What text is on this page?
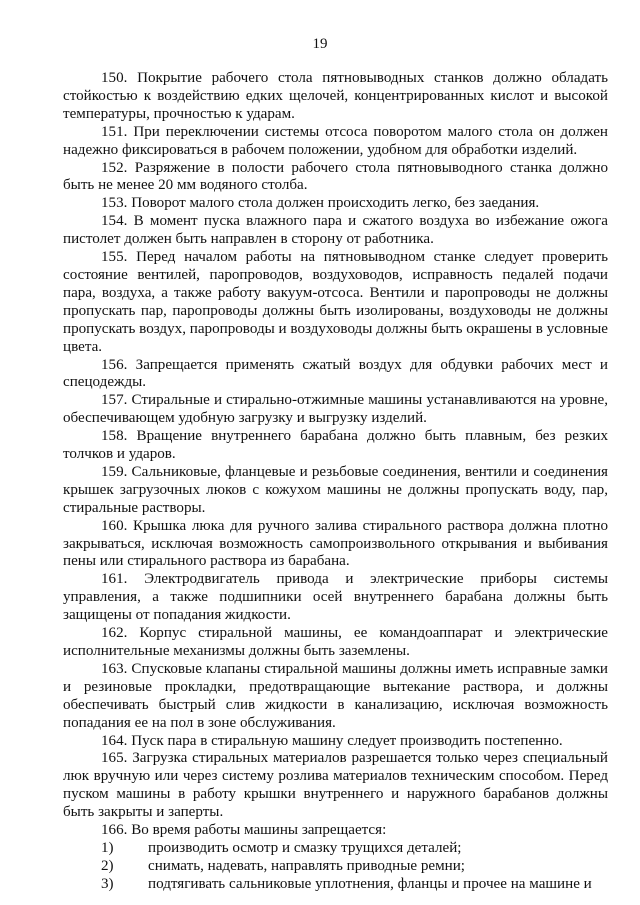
19

150. Покрытие рабочего стола пятновыводных станков должно обладать стойкостью к воздействию едких щелочей, концентрированных кислот и высокой температуры, прочностью к ударам.

151. При переключении системы отсоса поворотом малого стола он должен надежно фиксироваться в рабочем положении, удобном для обработки изделий.

152. Разряжение в полости рабочего стола пятновыводного станка должно быть не менее 20 мм водяного столба.

153. Поворот малого стола должен происходить легко, без заедания.

154. В момент пуска влажного пара и сжатого воздуха во избежание ожога пистолет должен быть направлен в сторону от работника.

155. Перед началом работы на пятновыводном станке следует проверить состояние вентилей, паропроводов, воздуховодов, исправность педалей подачи пара, воздуха, а также работу вакуум-отсоса. Вентили и паропроводы не должны пропускать пар, паропроводы должны быть изолированы, воздуховоды не должны пропускать воздух, паропроводы и воздуховоды должны быть окрашены в условные цвета.

156. Запрещается применять сжатый воздух для обдувки рабочих мест и спецодежды.

157. Стиральные и стирально-отжимные машины устанавливаются на уровне, обеспечивающем удобную загрузку и выгрузку изделий.

158. Вращение внутреннего барабана должно быть плавным, без резких толчков и ударов.

159. Сальниковые, фланцевые и резьбовые соединения, вентили и соединения крышек загрузочных люков с кожухом машины не должны пропускать воду, пар, стиральные растворы.

160. Крышка люка для ручного залива стирального раствора должна плотно закрываться, исключая возможность самопроизвольного открывания и выбивания пены или стирального раствора из барабана.

161. Электродвигатель привода и электрические приборы системы управления, а также подшипники осей внутреннего барабана должны быть защищены от попадания жидкости.

162. Корпус стиральной машины, ее командоаппарат и электрические исполнительные механизмы должны быть заземлены.

163. Спусковые клапаны стиральной машины должны иметь исправные замки и резиновые прокладки, предотвращающие вытекание раствора, и должны обеспечивать быстрый слив жидкости в канализацию, исключая возможность попадания ее на пол в зоне обслуживания.

164. Пуск пара в стиральную машину следует производить постепенно.

165. Загрузка стиральных материалов разрешается только через специальный люк вручную или через систему розлива материалов техническим способом. Перед пуском машины в работу крышки внутреннего и наружного барабанов должны быть закрыты и заперты.

166. Во время работы машины запрещается:

1)	производить осмотр и смазку трущихся деталей;
2)	снимать, надевать, направлять приводные ремни;
3)	подтягивать сальниковые уплотнения, фланцы и прочее на машине и
